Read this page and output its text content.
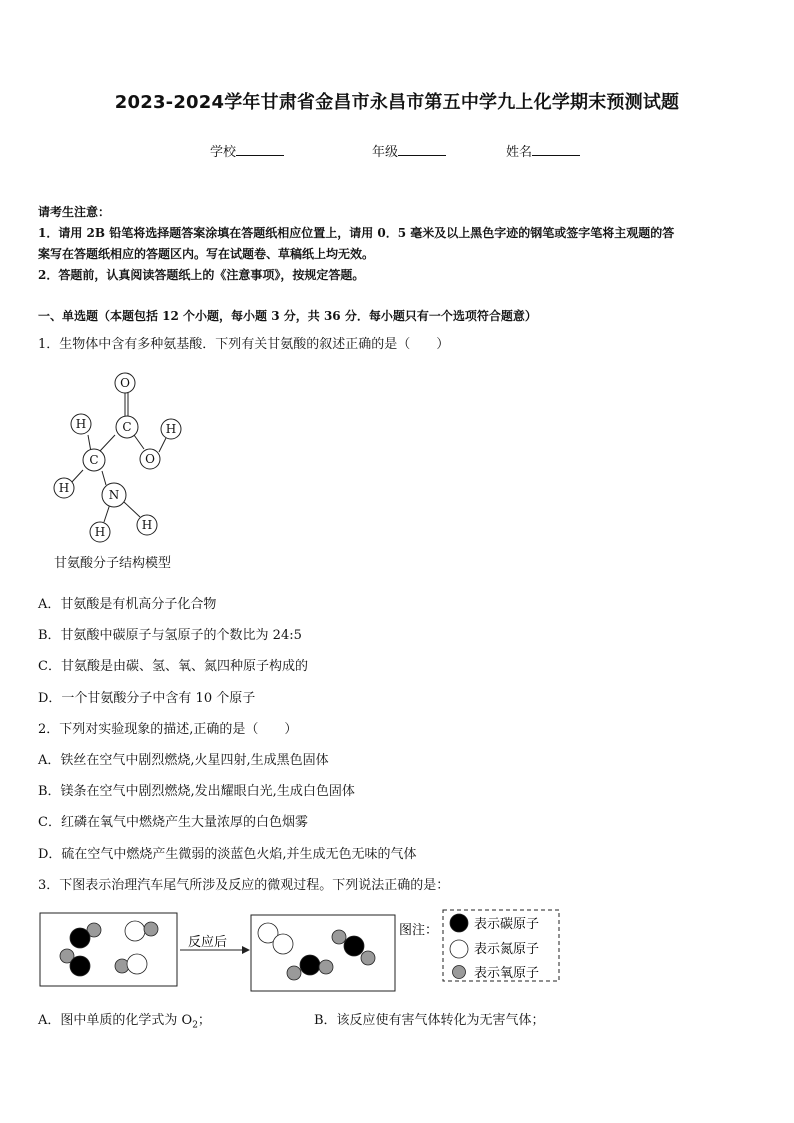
2023-2024学年甘肃省金昌市永昌市第五中学九上化学期末预测试题
学校	年级	姓名
请考生注意：
1．请用 2B 铅笔将选择题答案涂填在答题纸相应位置上，请用 0．5 毫米及以上黑色字迹的钢笔或签字笔将主观题的答
案写在答题纸相应的答题区内。写在试题卷、草稿纸上均无效。
2．答题前，认真阅读答题纸上的《注意事项》，按规定答题。
一、单选题（本题包括 12 个小题，每小题 3 分，共 36 分．每小题只有一个选项符合题意）
1．生物体中含有多种氨基酸．下列有关甘氨酸的叙述正确的是（　　）
O
C
H	H
C	O
H	N
H	H
甘氨酸分子结构模型
A．甘氨酸是有机高分子化合物
B．甘氨酸中碳原子与氢原子的个数比为 24:5
C．甘氨酸是由碳、氢、氧、氮四种原子构成的
D．一个甘氨酸分子中含有 10 个原子
2．下列对实验现象的描述,正确的是（　　）
A．铁丝在空气中剧烈燃烧,火星四射,生成黑色固体
B．镁条在空气中剧烈燃烧,发出耀眼白光,生成白色固体
C．红磷在氧气中燃烧产生大量浓厚的白色烟雾
D．硫在空气中燃烧产生微弱的淡蓝色火焰,并生成无色无味的气体
3．下图表示治理汽车尾气所涉及反应的微观过程。下列说法正确的是：
反应后
图注：	表示碳原子
表示氮原子
表示氧原子
A．图中单质的化学式为 $O_2$；	B．该反应使有害气体转化为无害气体；
